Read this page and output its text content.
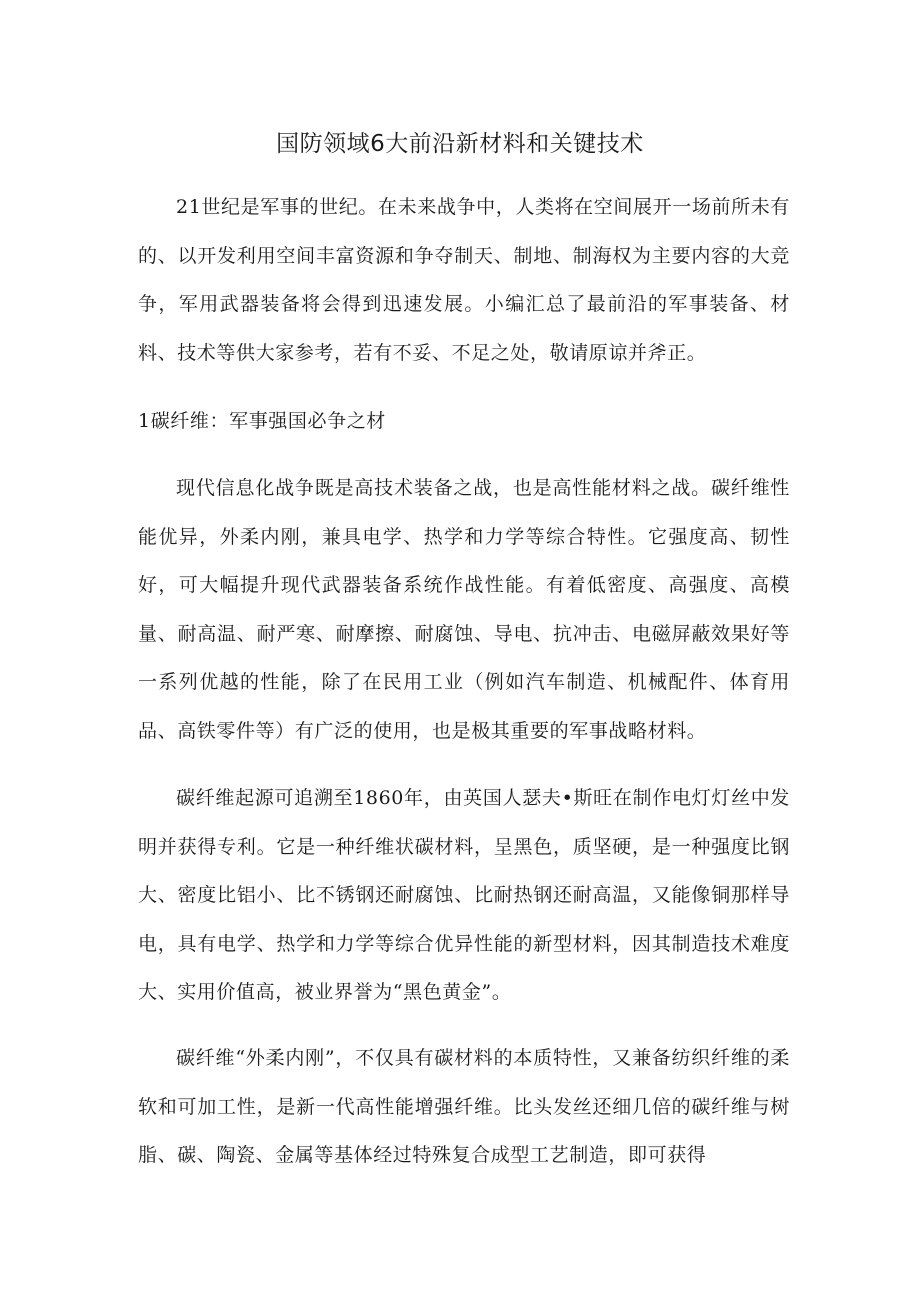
国防领域6大前沿新材料和关键技术

21世纪是军事的世纪。在未来战争中，人类将在空间展开一场前所未有的、以开发利用空间丰富资源和争夺制天、制地、制海权为主要内容的大竞争，军用武器装备将会得到迅速发展。小编汇总了最前沿的军事装备、材料、技术等供大家参考，若有不妥、不足之处，敬请原谅并斧正。

1碳纤维：军事强国必争之材

现代信息化战争既是高技术装备之战，也是高性能材料之战。碳纤维性能优异，外柔内刚，兼具电学、热学和力学等综合特性。它强度高、韧性好，可大幅提升现代武器装备系统作战性能。有着低密度、高强度、高模量、耐高温、耐严寒、耐摩擦、耐腐蚀、导电、抗冲击、电磁屏蔽效果好等一系列优越的性能，除了在民用工业（例如汽车制造、机械配件、体育用品、高铁零件等）有广泛的使用，也是极其重要的军事战略材料。

碳纤维起源可追溯至1860年，由英国人瑟夫•斯旺在制作电灯灯丝中发明并获得专利。它是一种纤维状碳材料，呈黑色，质坚硬，是一种强度比钢大、密度比铝小、比不锈钢还耐腐蚀、比耐热钢还耐高温，又能像铜那样导电，具有电学、热学和力学等综合优异性能的新型材料，因其制造技术难度大、实用价值高，被业界誉为“黑色黄金”。

碳纤维“外柔内刚”，不仅具有碳材料的本质特性，又兼备纺织纤维的柔软和可加工性，是新一代高性能增强纤维。比头发丝还细几倍的碳纤维与树脂、碳、陶瓷、金属等基体经过特殊复合成型工艺制造，即可获得
